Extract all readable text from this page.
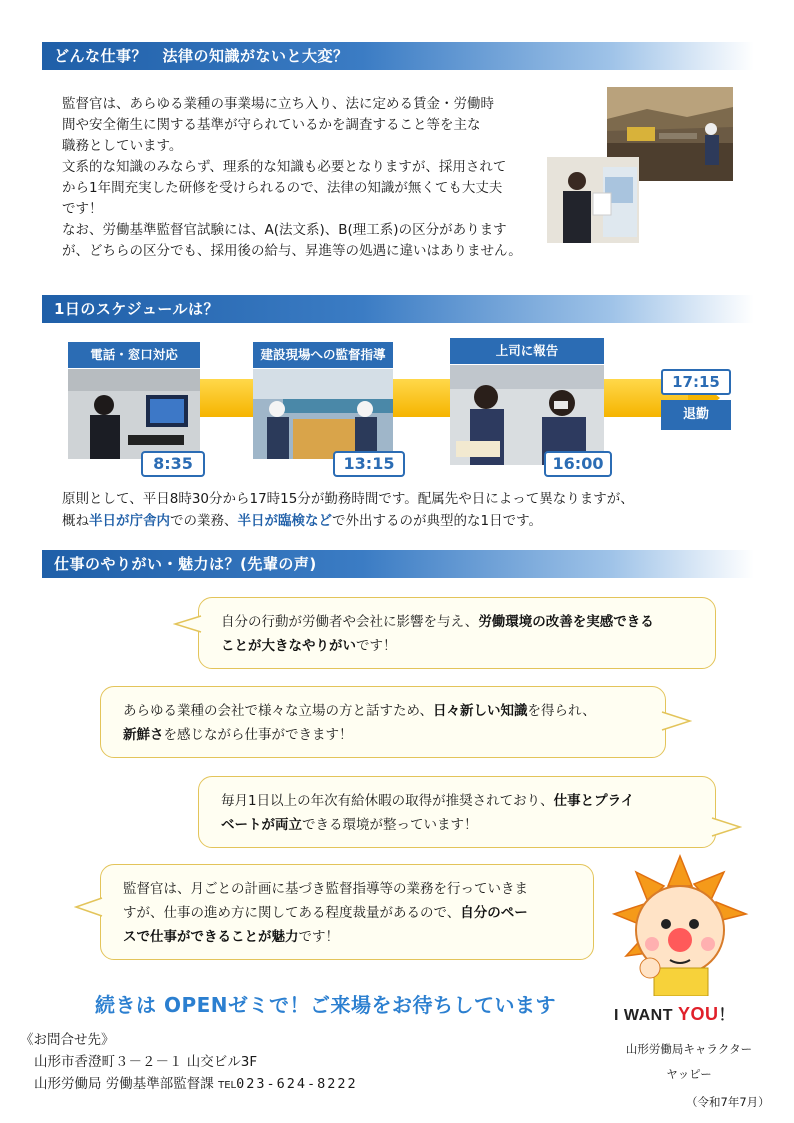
どんな仕事？　法律の知識がないと大変？

監督官は、あらゆる業種の事業場に立ち入り、法に定める賃金・労働時

間や安全衛生に関する基準が守られているかを調査すること等を主な

職務としています。

文系的な知識のみならず、理系的な知識も必要となりますが、採用されて

から1年間充実した研修を受けられるので、法律の知識が無くても大丈夫

です！

なお、労働基準監督官試験には、A(法文系)、B(理工系)の区分があります

が、どちらの区分でも、採用後の給与、昇進等の処遇に違いはありません。

1日のスケジュールは？
電話・窓口対応
8:35
建設現場への監督指導
13:15
上司に報告
16:00
17:15
退勤

原則として、平日8時30分から17時15分が勤務時間です。配属先や日によって異なりますが、

概ね半日が庁舎内での業務、半日が臨検などで外出するのが典型的な1日です。

仕事のやりがい・魅力は？(先輩の声)
自分の行動が労働者や会社に影響を与え、労働環境の改善を実感できる
ことが大きなやりがいです！
あらゆる業種の会社で様々な立場の方と話すため、日々新しい知識を得られ、
新鮮さを感じながら仕事ができます！
毎月1日以上の年次有給休暇の取得が推奨されており、仕事とプライ
ベートが両立できる環境が整っています！
監督官は、月ごとの計画に基づき監督指導等の業務を行っていきま
すが、仕事の進め方に関してある程度裁量があるので、自分のペー
スで仕事ができることが魅力です！
I WANT YOU！
山形労働局キャラクター
ヤッピー
続きは OPENゼミで！ご来場をお待ちしています
《お問合せ先》
山形市香澄町３－２－１ 山交ビル3F
山形労働局 労働基準部監督課 TEL023-624-8222
（令和7年7月）
